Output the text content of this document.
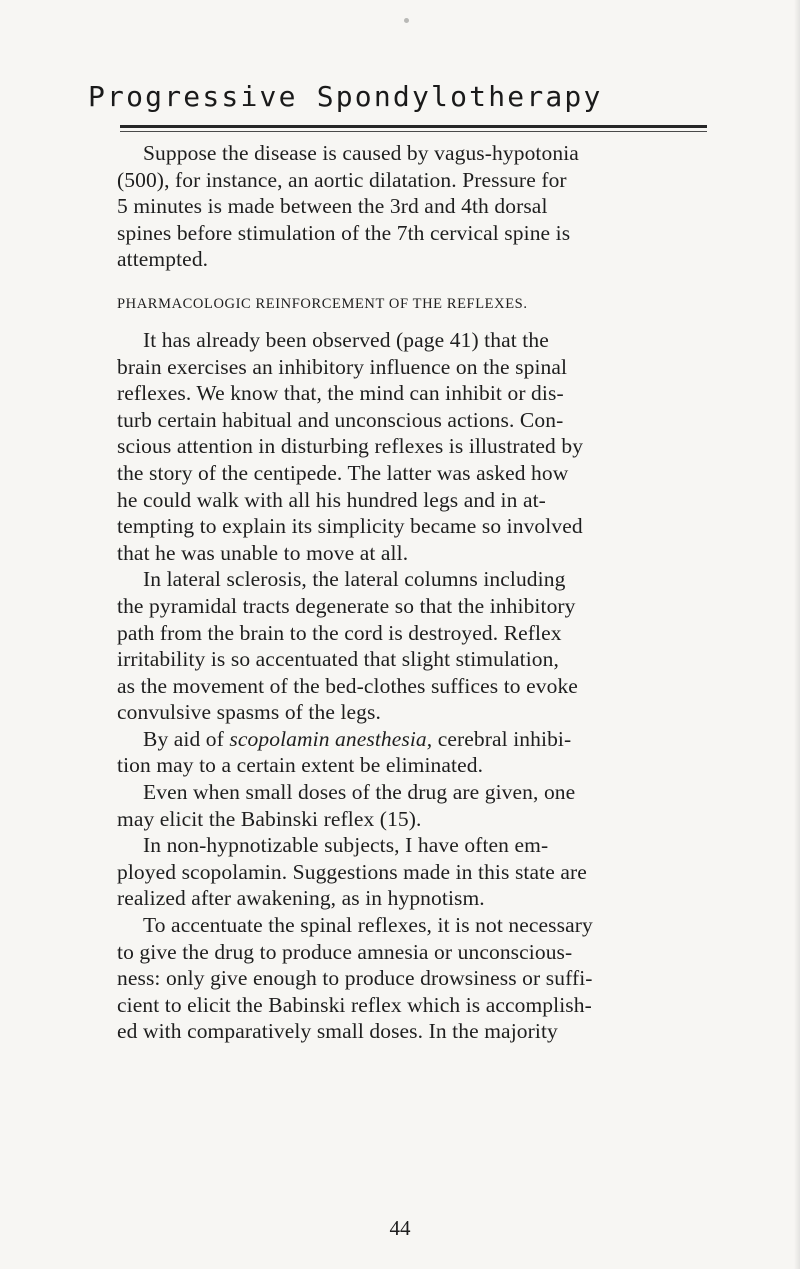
Progressive Spondylotherapy
Suppose the disease is caused by vagus-hypotonia
(500), for instance, an aortic dilatation. Pressure for
5 minutes is made between the 3rd and 4th dorsal
spines before stimulation of the 7th cervical spine is
attempted.
PHARMACOLOGIC REINFORCEMENT OF THE REFLEXES.
It has already been observed (page 41) that the
brain exercises an inhibitory influence on the spinal
reflexes. We know that, the mind can inhibit or dis-
turb certain habitual and unconscious actions. Con-
scious attention in disturbing reflexes is illustrated by
the story of the centipede. The latter was asked how
he could walk with all his hundred legs and in at-
tempting to explain its simplicity became so involved
that he was unable to move at all.
In lateral sclerosis, the lateral columns including
the pyramidal tracts degenerate so that the inhibitory
path from the brain to the cord is destroyed. Reflex
irritability is so accentuated that slight stimulation,
as the movement of the bed-clothes suffices to evoke
convulsive spasms of the legs.
By aid of scopolamin anesthesia, cerebral inhibi-
tion may to a certain extent be eliminated.
Even when small doses of the drug are given, one
may elicit the Babinski reflex (15).
In non-hypnotizable subjects, I have often em-
ployed scopolamin. Suggestions made in this state are
realized after awakening, as in hypnotism.
To accentuate the spinal reflexes, it is not necessary
to give the drug to produce amnesia or unconscious-
ness: only give enough to produce drowsiness or suffi-
cient to elicit the Babinski reflex which is accomplish-
ed with comparatively small doses. In the majority
44
